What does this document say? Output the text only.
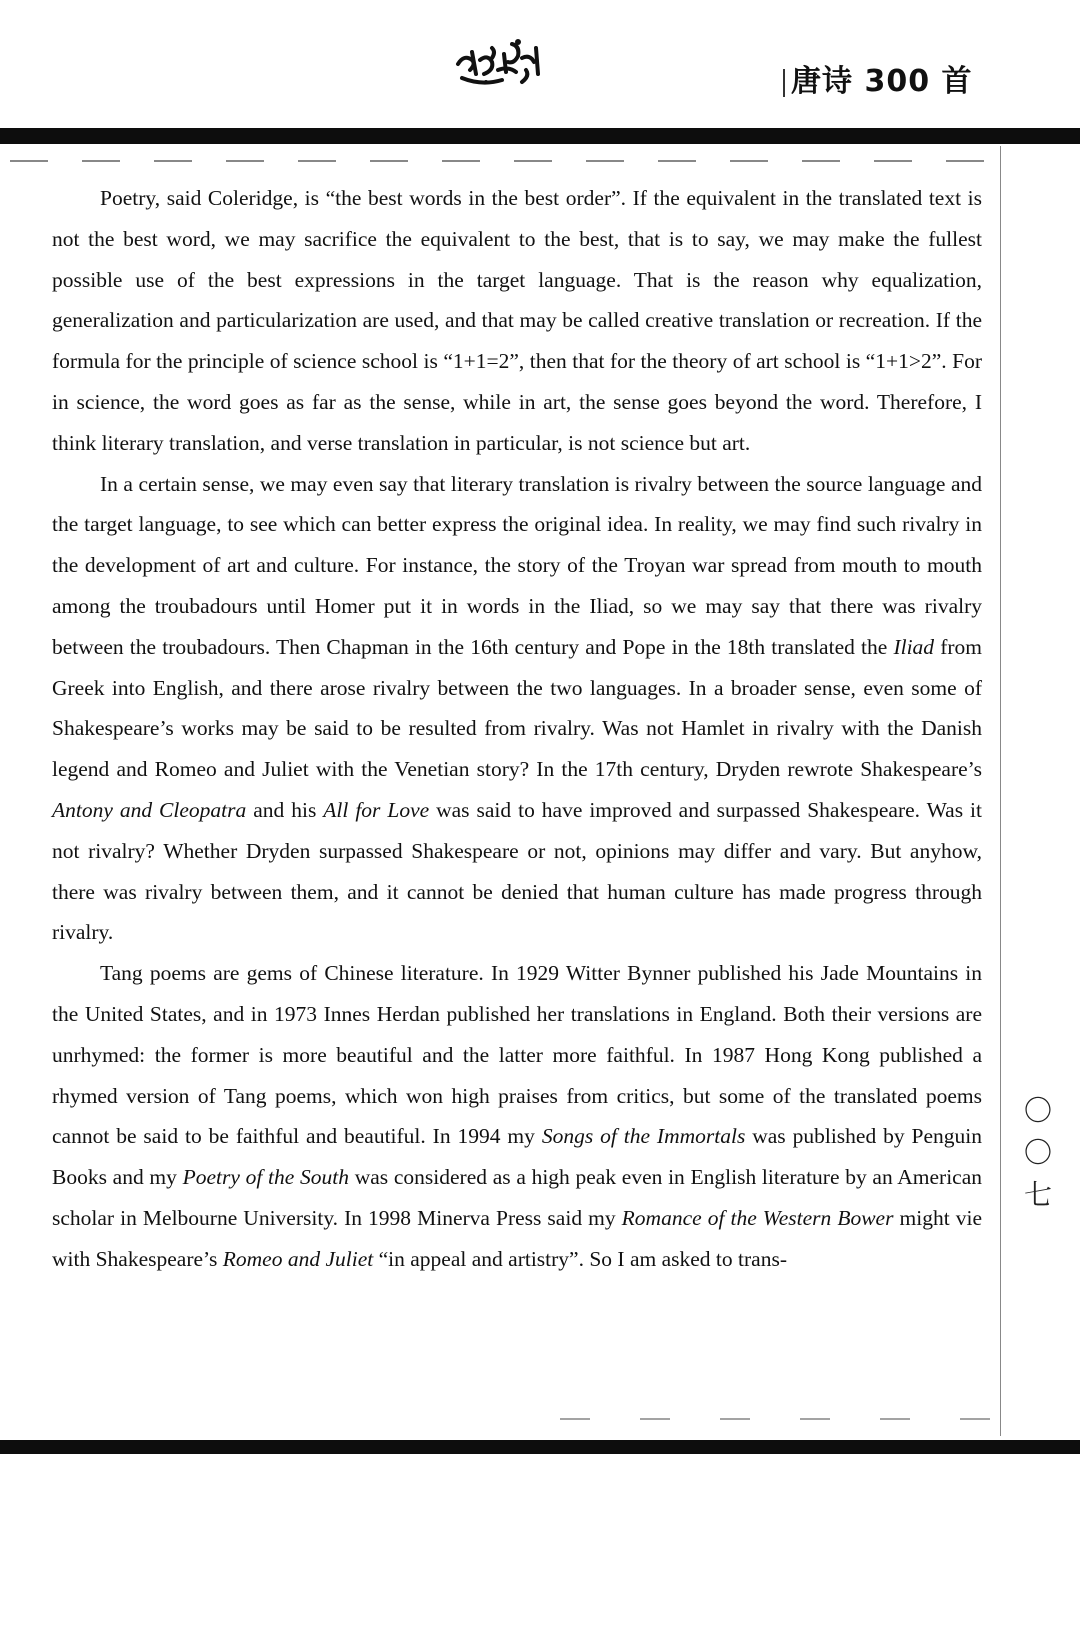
唐诗 300 首

Poetry, said Coleridge, is “the best words in the best order”. If the equivalent in the translated text is not the best word, we may sacrifice the equivalent to the best, that is to say, we may make the fullest possible use of the best expressions in the target language. That is the reason why equalization, generalization and particularization are used, and that may be called creative translation or recreation. If the formula for the principle of science school is “1+1=2”, then that for the theory of art school is “1+1>2”. For in science, the word goes as far as the sense, while in art, the sense goes beyond the word. Therefore, I think literary translation, and verse translation in particular, is not science but art.

In a certain sense, we may even say that literary translation is rivalry between the source language and the target language, to see which can better express the original idea. In reality, we may find such rivalry in the development of art and culture. For instance, the story of the Troyan war spread from mouth to mouth among the troubadours until Homer put it in words in the Iliad, so we may say that there was rivalry between the troubadours. Then Chapman in the 16th century and Pope in the 18th translated the Iliad from Greek into English, and there arose rivalry between the two languages. In a broader sense, even some of Shakespeare’s works may be said to be resulted from rivalry. Was not Hamlet in rivalry with the Danish legend and Romeo and Juliet with the Venetian story? In the 17th century, Dryden rewrote Shakespeare’s Antony and Cleopatra and his All for Love was said to have improved and surpassed Shakespeare. Was it not rivalry? Whether Dryden surpassed Shakespeare or not, opinions may differ and vary. But anyhow, there was rivalry between them, and it cannot be denied that human culture has made progress through rivalry.

Tang poems are gems of Chinese literature. In 1929 Witter Bynner published his Jade Mountains in the United States, and in 1973 Innes Herdan published her translations in England. Both their versions are unrhymed: the former is more beautiful and the latter more faithful. In 1987 Hong Kong published a rhymed version of Tang poems, which won high praises from critics, but some of the translated poems cannot be said to be faithful and beautiful. In 1994 my Songs of the Immortals was published by Penguin Books and my Poetry of the South was considered as a high peak even in English literature by an American scholar in Melbourne University. In 1998 Minerva Press said my Romance of the Western Bower might vie with Shakespeare’s Romeo and Juliet “in appeal and artistry”. So I am asked to trans-

〇
〇
七
